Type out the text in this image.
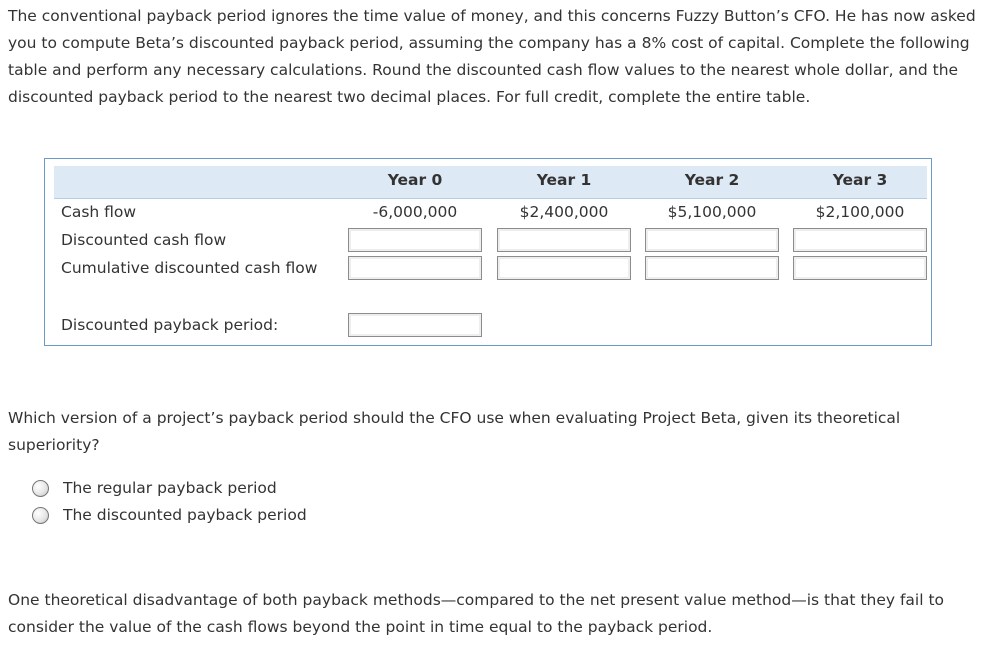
The conventional payback period ignores the time value of money, and this concerns Fuzzy Button’s CFO. He has now asked you to compute Beta’s discounted payback period, assuming the company has a 8% cost of capital. Complete the following table and perform any necessary calculations. Round the discounted cash flow values to the nearest whole dollar, and the discounted payback period to the nearest two decimal places. For full credit, complete the entire table.

Year 0	Year 1	Year 2	Year 3
Cash flow	-6,000,000	$2,400,000	$5,100,000	$2,100,000
Discounted cash flow
Cumulative discounted cash flow
Discounted payback period:

Which version of a project’s payback period should the CFO use when evaluating Project Beta, given its theoretical superiority?

The regular payback period
The discounted payback period

One theoretical disadvantage of both payback methods—compared to the net present value method—is that they fail to consider the value of the cash flows beyond the point in time equal to the payback period.
